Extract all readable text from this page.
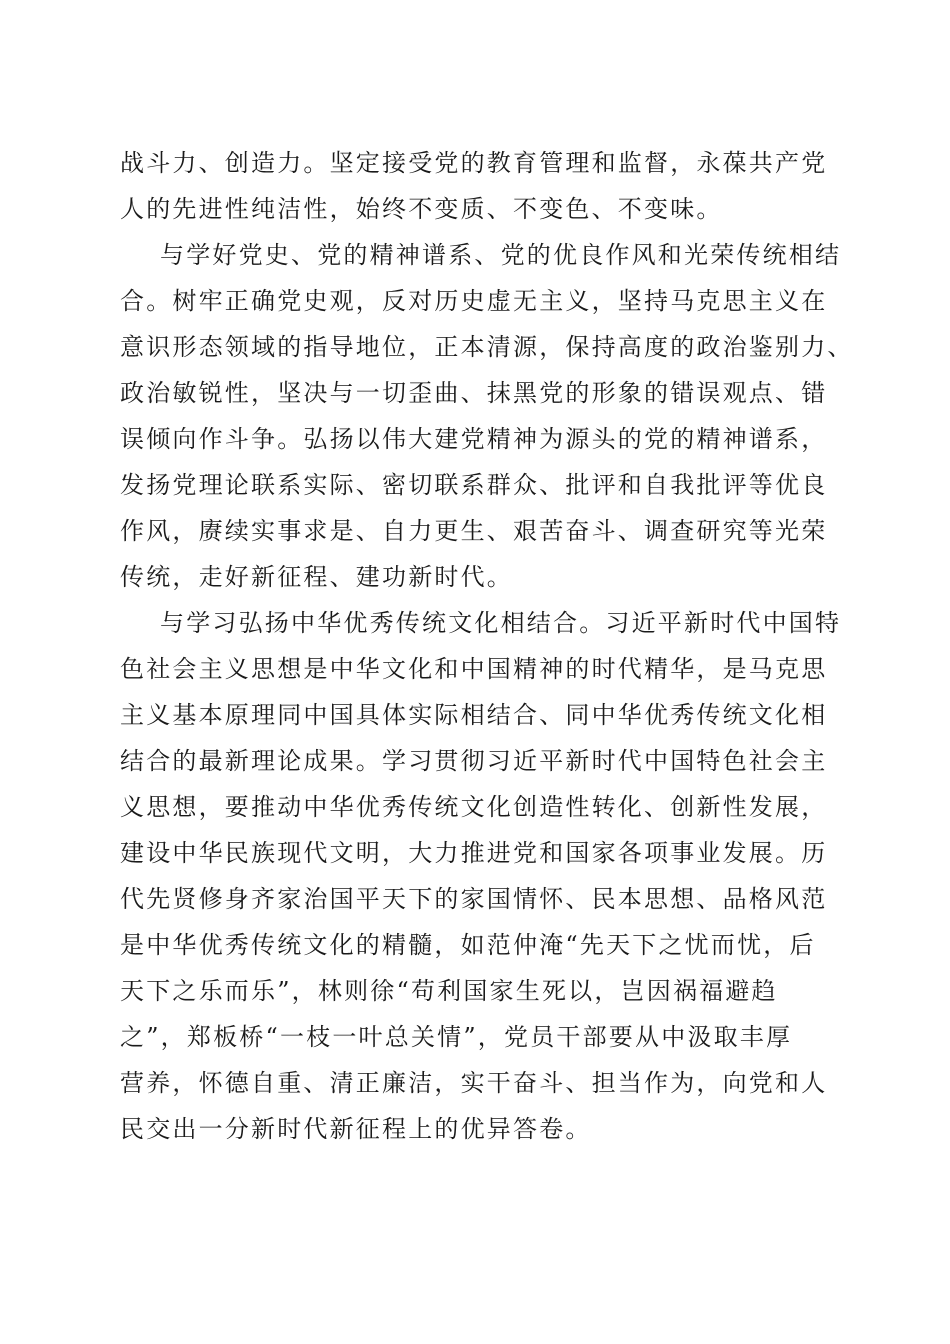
战斗力、创造力。坚定接受党的教育管理和监督，永葆共产党
人的先进性纯洁性，始终不变质、不变色、不变味。
与学好党史、党的精神谱系、党的优良作风和光荣传统相结
合。树牢正确党史观，反对历史虚无主义，坚持马克思主义在
意识形态领域的指导地位，正本清源，保持高度的政治鉴别力、
政治敏锐性，坚决与一切歪曲、抹黑党的形象的错误观点、错
误倾向作斗争。弘扬以伟大建党精神为源头的党的精神谱系，
发扬党理论联系实际、密切联系群众、批评和自我批评等优良
作风，赓续实事求是、自力更生、艰苦奋斗、调查研究等光荣
传统，走好新征程、建功新时代。
与学习弘扬中华优秀传统文化相结合。习近平新时代中国特
色社会主义思想是中华文化和中国精神的时代精华，是马克思
主义基本原理同中国具体实际相结合、同中华优秀传统文化相
结合的最新理论成果。学习贯彻习近平新时代中国特色社会主
义思想，要推动中华优秀传统文化创造性转化、创新性发展，
建设中华民族现代文明，大力推进党和国家各项事业发展。历
代先贤修身齐家治国平天下的家国情怀、民本思想、品格风范
是中华优秀传统文化的精髓，如范仲淹“先天下之忧而忧，后
天下之乐而乐”，林则徐“苟利国家生死以，岂因祸福避趋
之”，郑板桥“一枝一叶总关情”，党员干部要从中汲取丰厚
营养，怀德自重、清正廉洁，实干奋斗、担当作为，向党和人
民交出一分新时代新征程上的优异答卷。
